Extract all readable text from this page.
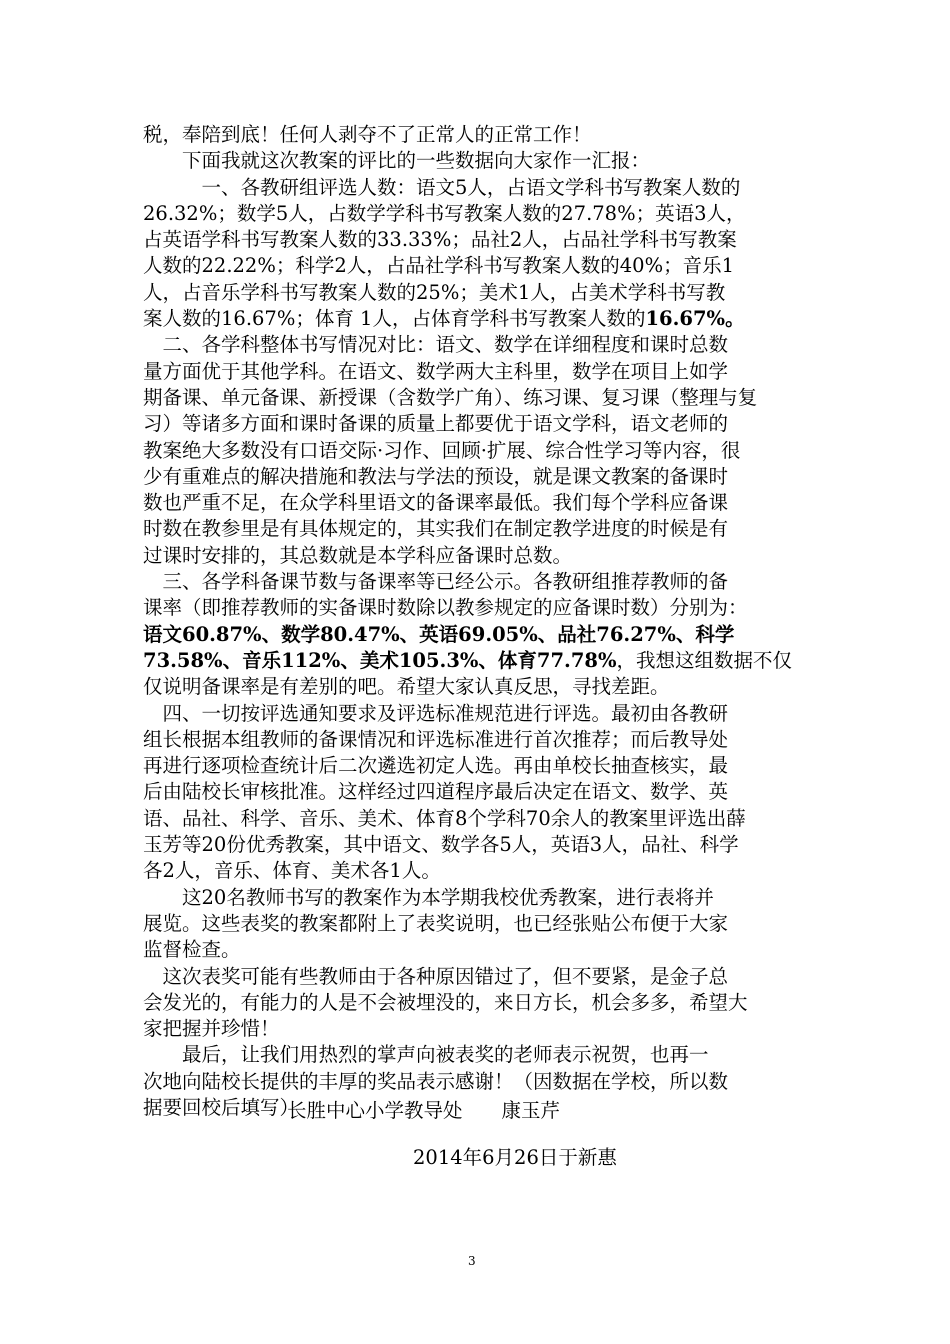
税，奉陪到底！任何人剥夺不了正常人的正常工作！
　　下面我就这次教案的评比的一些数据向大家作一汇报：
　　　一、各教研组评选人数：语文5人，占语文学科书写教案人数的
26.32%；数学5人，占数学学科书写教案人数的27.78%；英语3人，
占英语学科书写教案人数的33.33%；品社2人，占品社学科书写教案
人数的22.22%；科学2人，占品社学科书写教案人数的40%；音乐1
人，占音乐学科书写教案人数的25%；美术1人，占美术学科书写教
案人数的16.67%；体育 1人，占体育学科书写教案人数的16.67%。
　二、各学科整体书写情况对比：语文、数学在详细程度和课时总数
量方面优于其他学科。在语文、数学两大主科里，数学在项目上如学
期备课、单元备课、新授课（含数学广角）、练习课、复习课（整理与复
习）等诸多方面和课时备课的质量上都要优于语文学科，语文老师的
教案绝大多数没有口语交际·习作、回顾·扩展、综合性学习等内容，很
少有重难点的解决措施和教法与学法的预设，就是课文教案的备课时
数也严重不足，在众学科里语文的备课率最低。我们每个学科应备课
时数在教参里是有具体规定的，其实我们在制定教学进度的时候是有
过课时安排的，其总数就是本学科应备课时总数。
　三、各学科备课节数与备课率等已经公示。各教研组推荐教师的备
课率（即推荐教师的实备课时数除以教参规定的应备课时数）分别为：
语文60.87%、数学80.47%、英语69.05%、品社76.27%、科学
73.58%、音乐112%、美术105.3%、体育77.78%，我想这组数据不仅
仅说明备课率是有差别的吧。希望大家认真反思，寻找差距。
　四、一切按评选通知要求及评选标准规范进行评选。最初由各教研
组长根据本组教师的备课情况和评选标准进行首次推荐；而后教导处
再进行逐项检查统计后二次遴选初定人选。再由单校长抽查核实，最
后由陆校长审核批准。这样经过四道程序最后决定在语文、数学、英
语、品社、科学、音乐、美术、体育8个学科70余人的教案里评选出薛
玉芳等20份优秀教案，其中语文、数学各5人，英语3人，品社、科学
各2人，音乐、体育、美术各1人。
　　这20名教师书写的教案作为本学期我校优秀教案，进行表将并
展览。这些表奖的教案都附上了表奖说明，也已经张贴公布便于大家
监督检查。
　这次表奖可能有些教师由于各种原因错过了，但不要紧，是金子总
会发光的，有能力的人是不会被埋没的，来日方长，机会多多，希望大
家把握并珍惜！
　　最后，让我们用热烈的掌声向被表奖的老师表示祝贺，也再一
次地向陆校长提供的丰厚的奖品表示感谢！（因数据在学校，所以数
据要回校后填写）
长胜中心小学教导处　　康玉芹
2014年6月26日于新惠
3
